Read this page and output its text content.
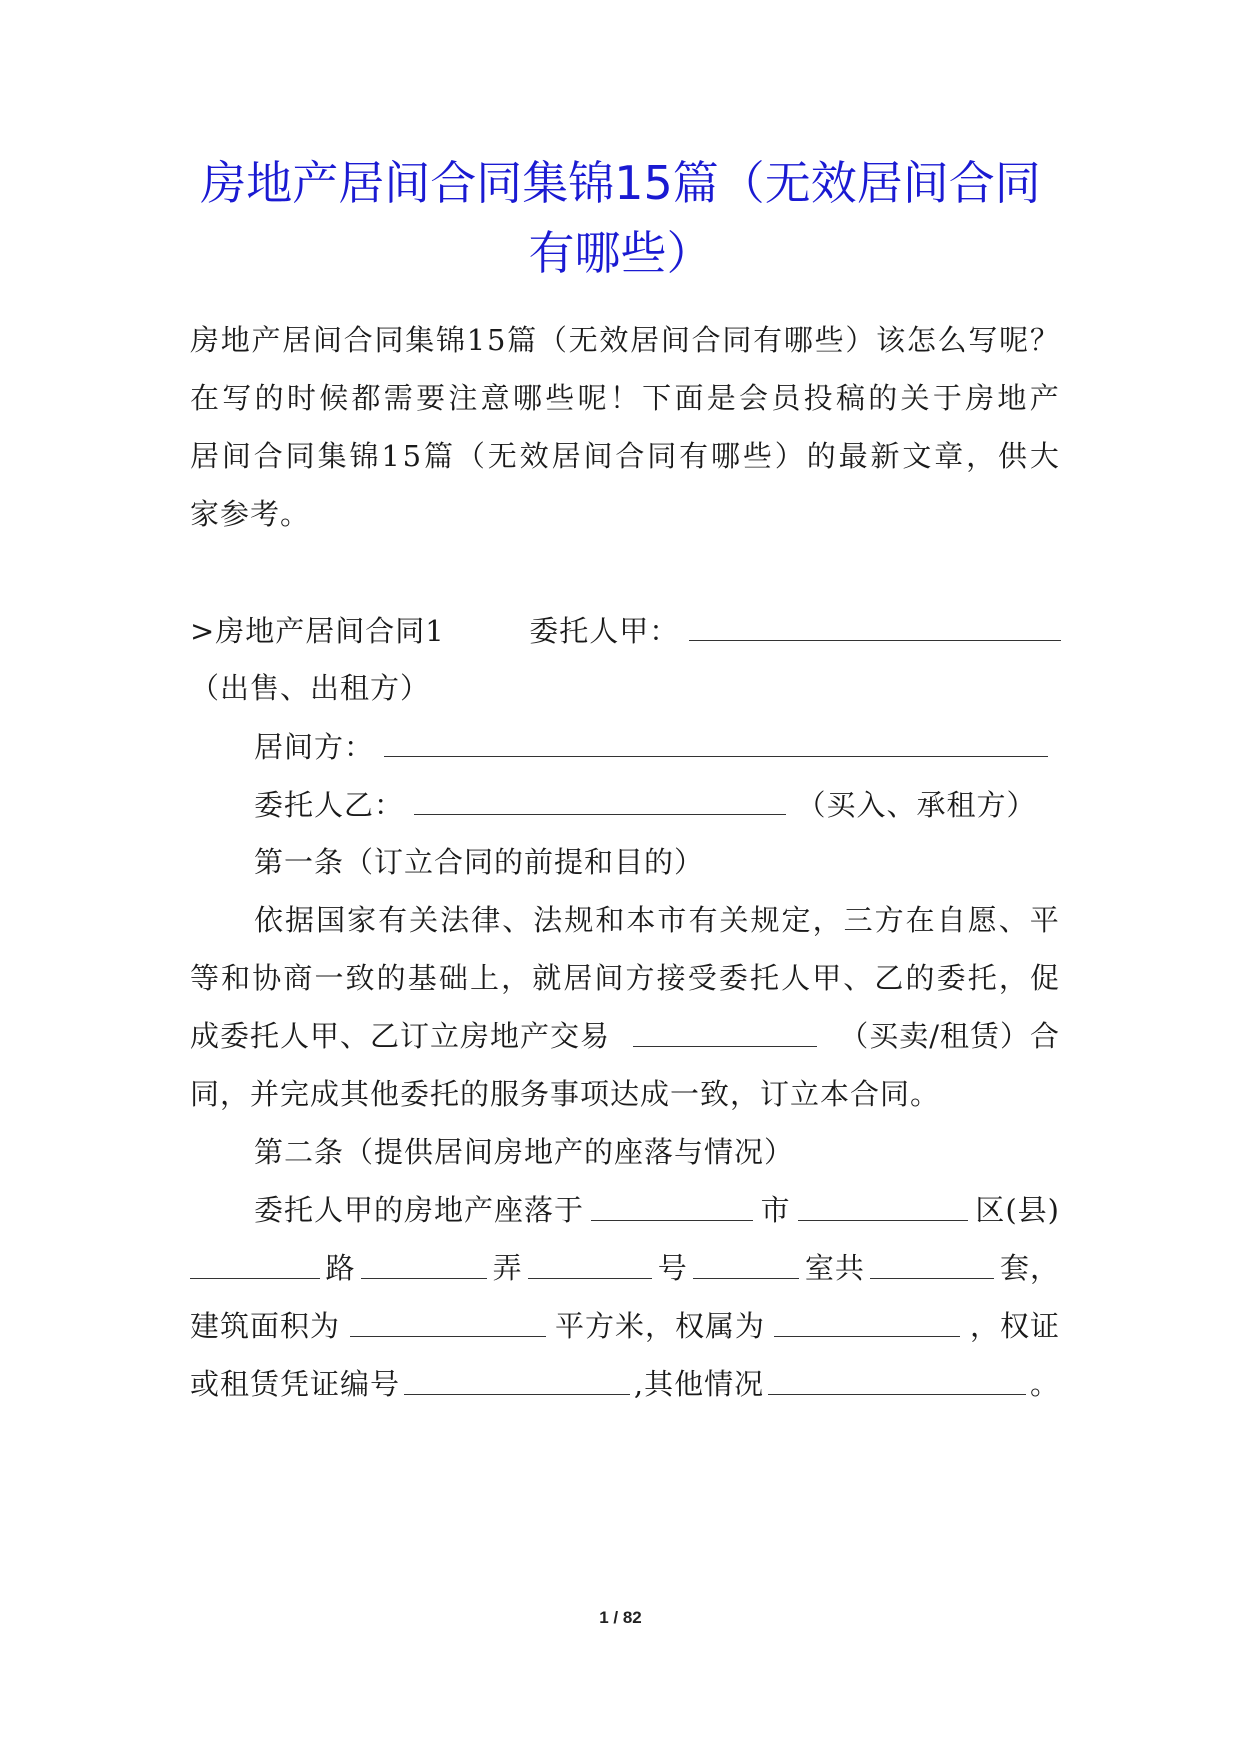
房地产居间合同集锦15篇（无效居间合同
有哪些）
房 地 产 居 间 合 同 集 锦 1 5 篇 （ 无 效 居 间 合 同 有 哪 些 ） 该 怎 么 写 呢 ？
在 写 的 时 候 都 需 要 注 意 哪 些 呢 ！ 下 面 是 会 员 投 稿 的 关 于 房 地 产
居 间 合 同 集 锦 1 5 篇 （ 无 效 居 间 合 同 有 哪 些 ） 的 最 新 文 章 ， 供 大
家参考。
>房地产居间合同1	委托人甲：
（出售、出租方）
居间方：
委托人乙：	（买入、承租方）
第一条（订立合同的前提和目的）
依 据 国 家 有 关 法 律 、 法 规 和 本 市 有 关 规 定 ， 三 方 在 自 愿 、 平
等 和 协 商 一 致 的 基 础 上 ， 就 居 间 方 接 受 委 托 人 甲 、 乙 的 委 托 ， 促
成委托人甲、乙订立房地产交易	（买卖/租赁）合
同，并完成其他委托的服务事项达成一致，订立本合同。
第二条（提供居间房地产的座落与情况）
委托人甲的房地产座落于	市	区(县)
路	弄	号	室共	套，
建筑面积为	平方米，权属为	，权证
或租赁凭证编号	,其他情况	。
1 / 82
